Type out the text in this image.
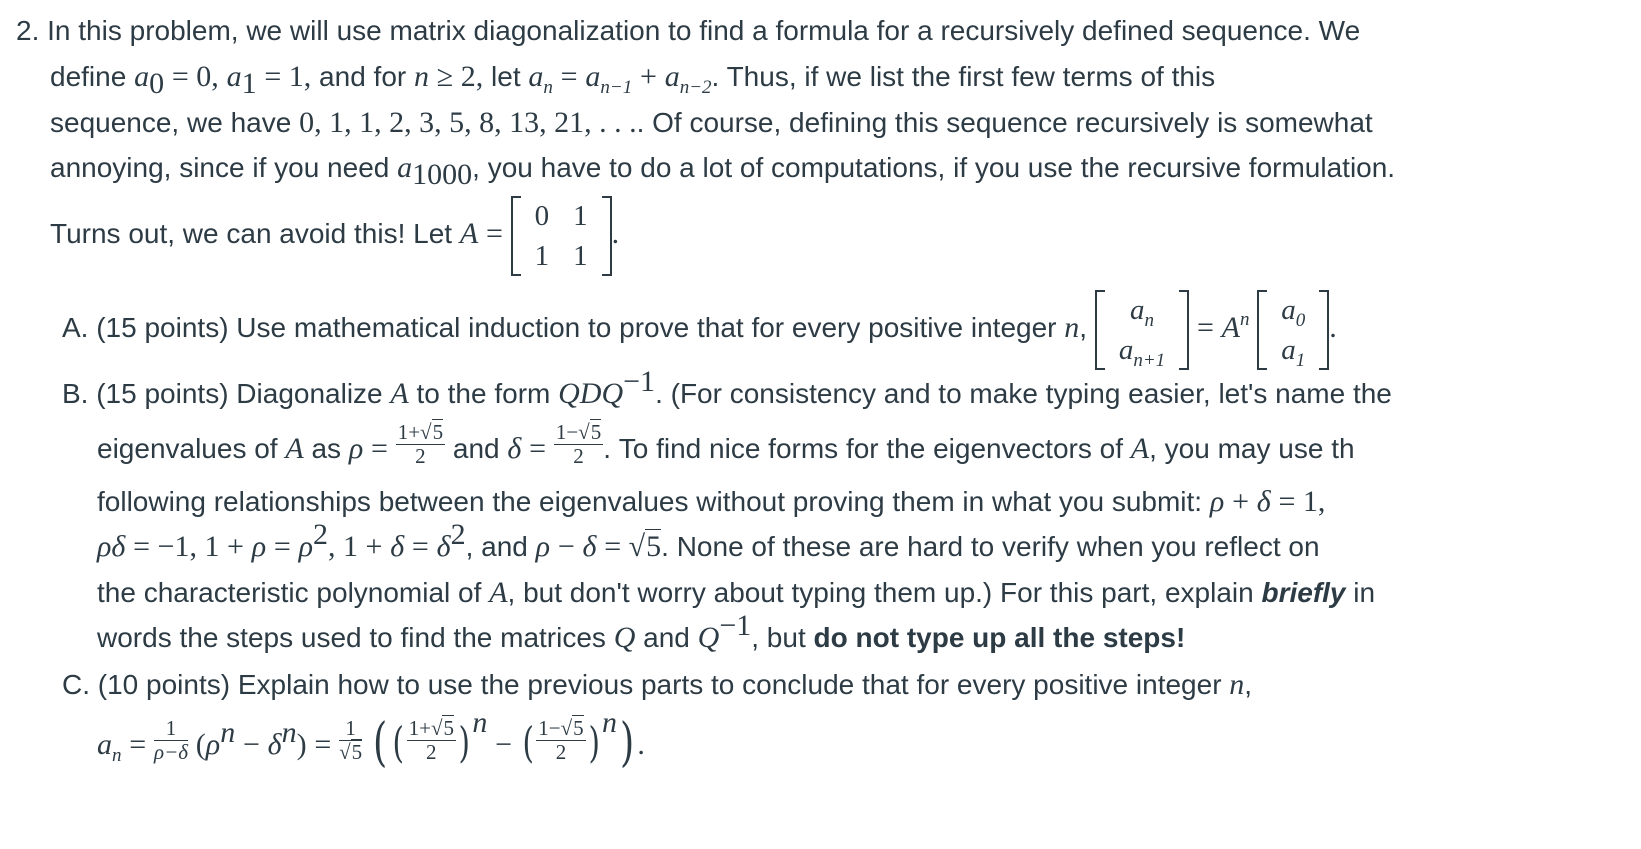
2. In this problem, we will use matrix diagonalization to find a formula for a recursively defined sequence. We
define $a_0 = 0$, $a_1 = 1$, and for n ≥ 2, let $a_n = a_{n-1} + a_{n-2}$. Thus, if we list the first few terms of this
sequence, we have 0, 1, 1, 2, 3, 5, 8, 13, 21, . . .. Of course, defining this sequence recursively is somewhat
annoying, since if you need $a_{1000}$, you have to do a lot of computations, if you use the recursive formulation.
Turns out, we can avoid this! Let A =
0	1
1	1
.
A. (15 points) Use mathematical induction to prove that for every positive integer n,
$a_n$
$a_{n+1}$
= $A^n$ $a_0$
$a_1$
.
B. (15 points) Diagonalize A to the form $QDQ^{-1}$. (For consistency and to make typing easier, let's name the
eigenvalues of A as $\rho = \frac{1+√5}{2}$ and $\delta = \frac{1-√5}{2}$ . To find nice forms for the eigenvectors of A, you may use th
following relationships between the eigenvalues without proving them in what you submit: ρ + δ = 1,
ρδ = −1, $1 + \rho = \rho^2$, $1 + \delta = \delta^2$, and ρ − δ = √5. None of these are hard to verify when you reflect on
the characteristic polynomial of A, but don't worry about typing them up.) For this part, explain briefly in
words the steps used to find the matrices Q and $Q^{-1}$, but do not type up all the steps!
C. (10 points) Explain how to use the previous parts to conclude that for every positive integer n,
$a_n = \frac{1}{\rho-\delta} (\rho^n - \delta^n) = \frac{1}{√5}$ ( ( $\frac{1+√5}{2} )^n$ − ( $\frac{1-√5}{2} )^n$) .
